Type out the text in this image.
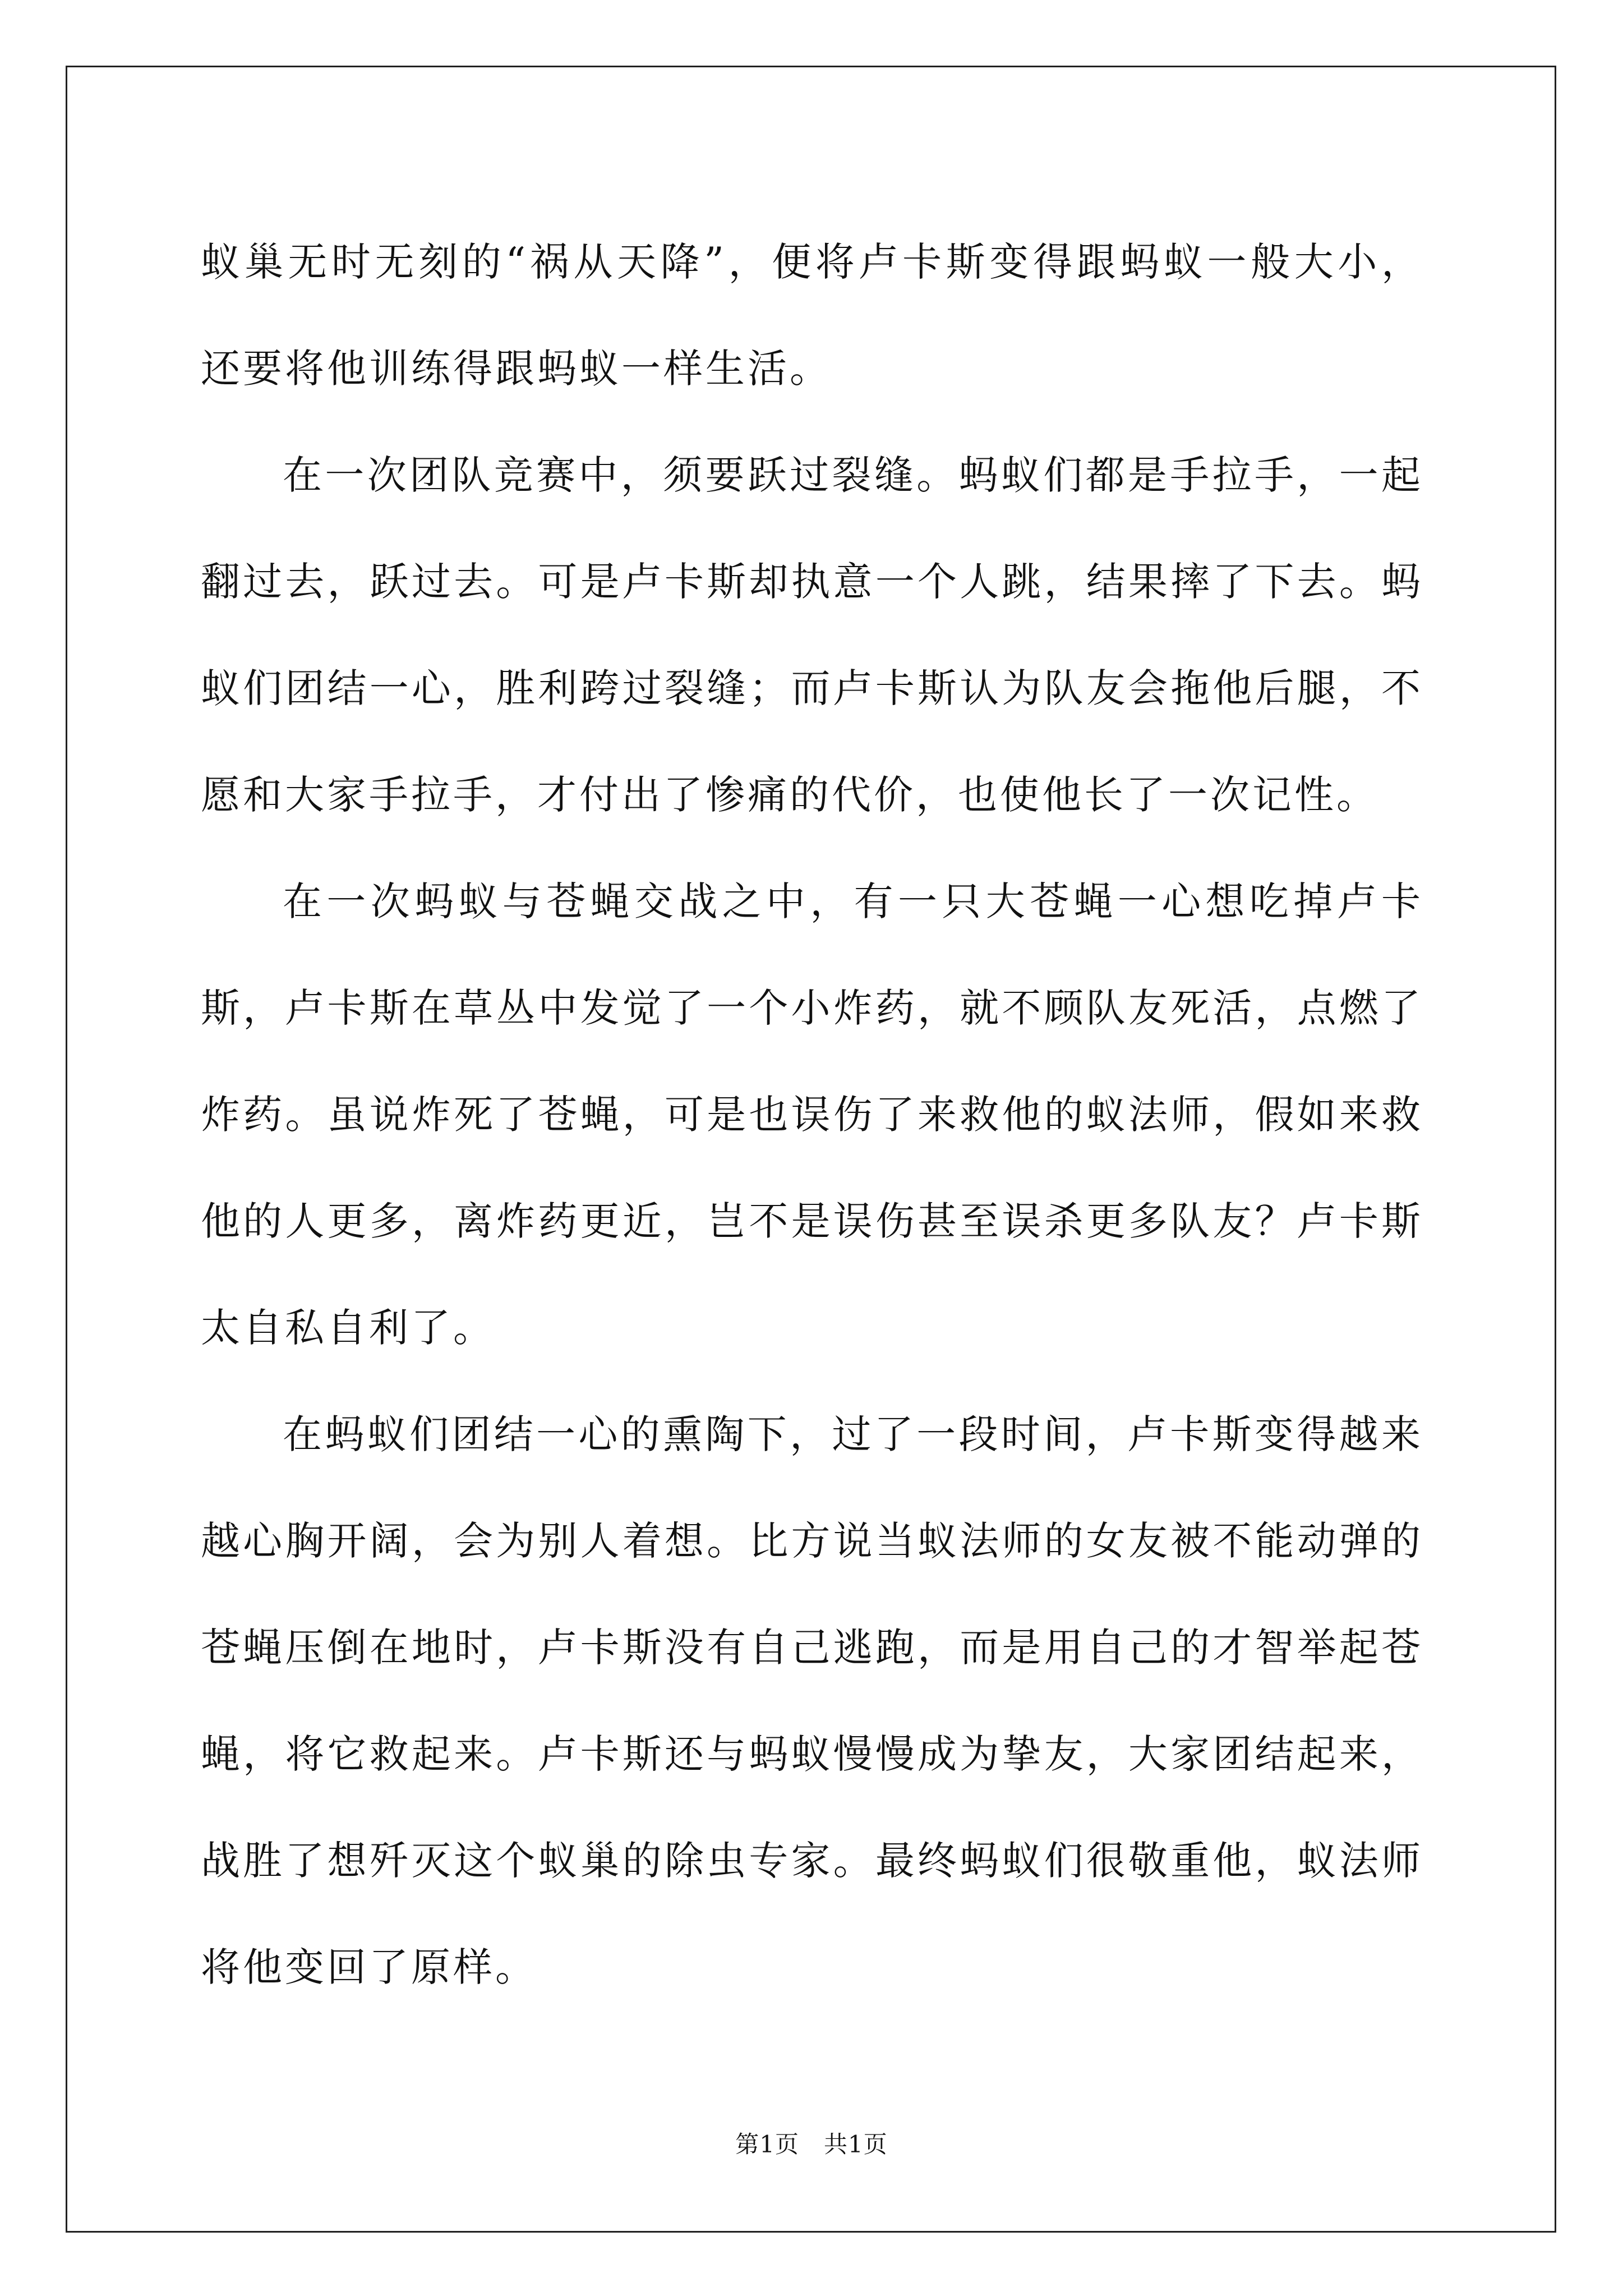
蚁巢无时无刻的“祸从天降”，便将卢卡斯变得跟蚂蚁一般大小，还要将他训练得跟蚂蚁一样生活。

在一次团队竞赛中，须要跃过裂缝。蚂蚁们都是手拉手，一起翻过去，跃过去。可是卢卡斯却执意一个人跳，结果摔了下去。蚂蚁们团结一心，胜利跨过裂缝；而卢卡斯认为队友会拖他后腿，不愿和大家手拉手，才付出了惨痛的代价，也使他长了一次记性。

在一次蚂蚁与苍蝇交战之中，有一只大苍蝇一心想吃掉卢卡斯，卢卡斯在草丛中发觉了一个小炸药，就不顾队友死活，点燃了炸药。虽说炸死了苍蝇，可是也误伤了来救他的蚁法师，假如来救他的人更多，离炸药更近，岂不是误伤甚至误杀更多队友？卢卡斯太自私自利了。

在蚂蚁们团结一心的熏陶下，过了一段时间，卢卡斯变得越来越心胸开阔，会为别人着想。比方说当蚁法师的女友被不能动弹的苍蝇压倒在地时，卢卡斯没有自己逃跑，而是用自己的才智举起苍蝇，将它救起来。卢卡斯还与蚂蚁慢慢成为挚友，大家团结起来，战胜了想歼灭这个蚁巢的除虫专家。最终蚂蚁们很敬重他，蚁法师将他变回了原样。

第1页 共1页
